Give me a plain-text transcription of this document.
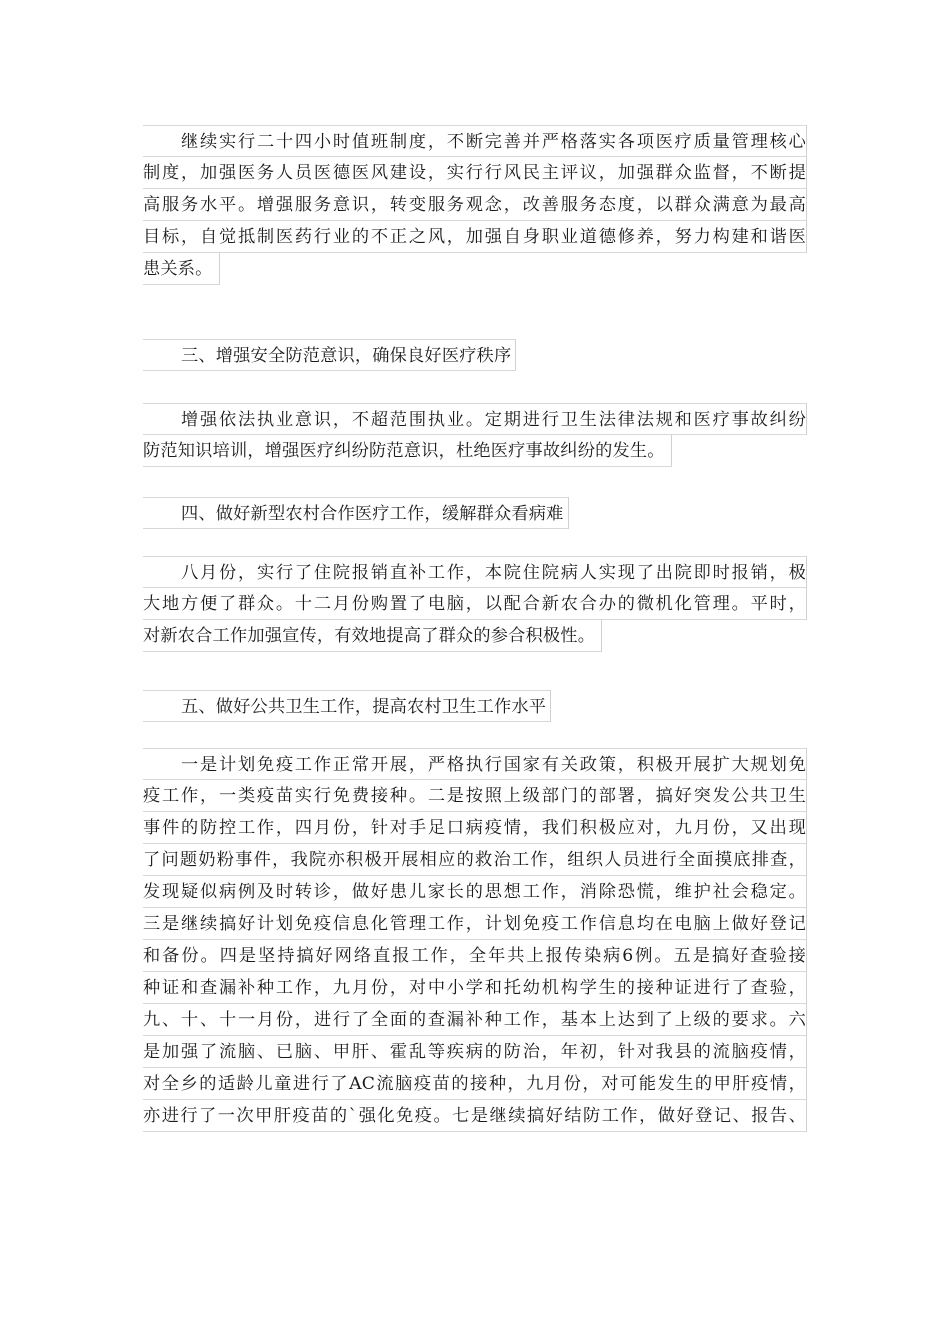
继续实行二十四小时值班制度，不断完善并严格落实各项医疗质量管理核心
制度，加强医务人员医德医风建设，实行行风民主评议，加强群众监督，不断提
高服务水平。增强服务意识，转变服务观念，改善服务态度，以群众满意为最高
目标，自觉抵制医药行业的不正之风，加强自身职业道德修养，努力构建和谐医
患关系。
三、增强安全防范意识，确保良好医疗秩序
增强依法执业意识，不超范围执业。定期进行卫生法律法规和医疗事故纠纷
防范知识培训，增强医疗纠纷防范意识，杜绝医疗事故纠纷的发生。
四、做好新型农村合作医疗工作，缓解群众看病难
八月份，实行了住院报销直补工作，本院住院病人实现了出院即时报销，极
大地方便了群众。十二月份购置了电脑，以配合新农合办的微机化管理。平时，
对新农合工作加强宣传，有效地提高了群众的参合积极性。
五、做好公共卫生工作，提高农村卫生工作水平
一是计划免疫工作正常开展，严格执行国家有关政策，积极开展扩大规划免
疫工作，一类疫苗实行免费接种。二是按照上级部门的部署，搞好突发公共卫生
事件的防控工作，四月份，针对手足口病疫情，我们积极应对，九月份，又出现
了问题奶粉事件，我院亦积极开展相应的救治工作，组织人员进行全面摸底排查，
发现疑似病例及时转诊，做好患儿家长的思想工作，消除恐慌，维护社会稳定。
三是继续搞好计划免疫信息化管理工作，计划免疫工作信息均在电脑上做好登记
和备份。四是坚持搞好网络直报工作，全年共上报传染病6例。五是搞好查验接
种证和查漏补种工作，九月份，对中小学和托幼机构学生的接种证进行了查验，
九、十、十一月份，进行了全面的查漏补种工作，基本上达到了上级的要求。六
是加强了流脑、已脑、甲肝、霍乱等疾病的防治，年初，针对我县的流脑疫情，
对全乡的适龄儿童进行了AC流脑疫苗的接种，九月份，对可能发生的甲肝疫情，
亦进行了一次甲肝疫苗的`强化免疫。七是继续搞好结防工作，做好登记、报告、
